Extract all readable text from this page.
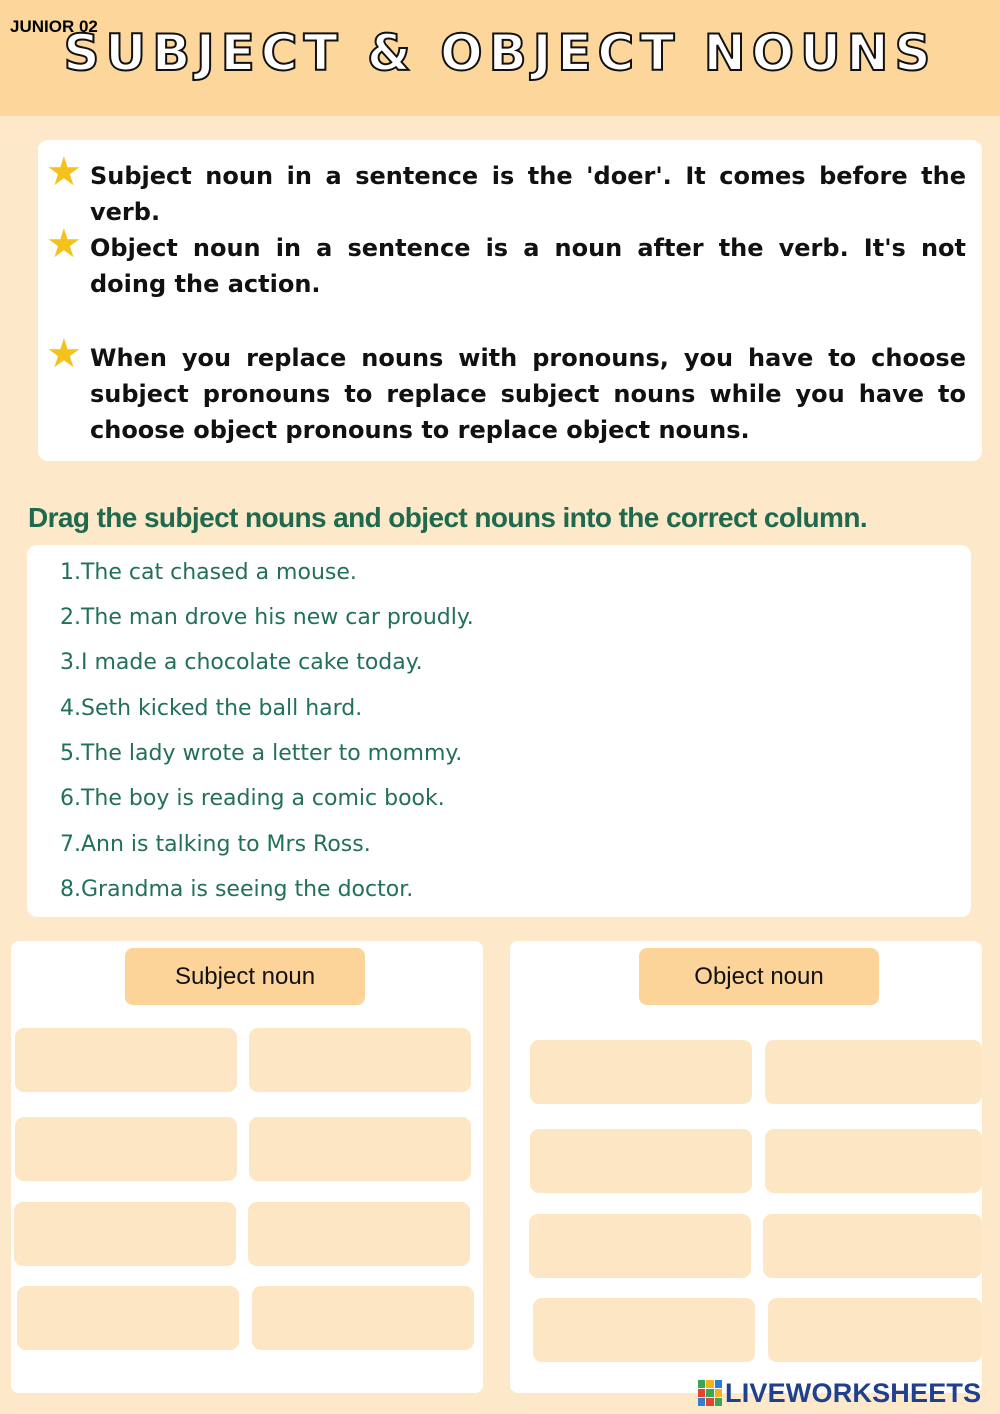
JUNIOR 02
SUBJECT & OBJECT NOUNS
★ Subject noun in a sentence is the 'doer'. It comes before the verb.
★ Object noun in a sentence is a noun after the verb. It's not doing the action.
★ When you replace nouns with pronouns, you have to choose subject pronouns to replace subject nouns while you have to choose object pronouns to replace object nouns.
Drag the subject nouns and object nouns into the correct column.
1.The cat chased a mouse.
2.The man drove his new car proudly.
3.I made a chocolate cake today.
4.Seth kicked the ball hard.
5.The lady wrote a letter to mommy.
6.The boy is reading a comic book.
7.Ann is talking to Mrs Ross.
8.Grandma is seeing the doctor.
Subject noun	Object noun
LIVEWORKSHEETS
